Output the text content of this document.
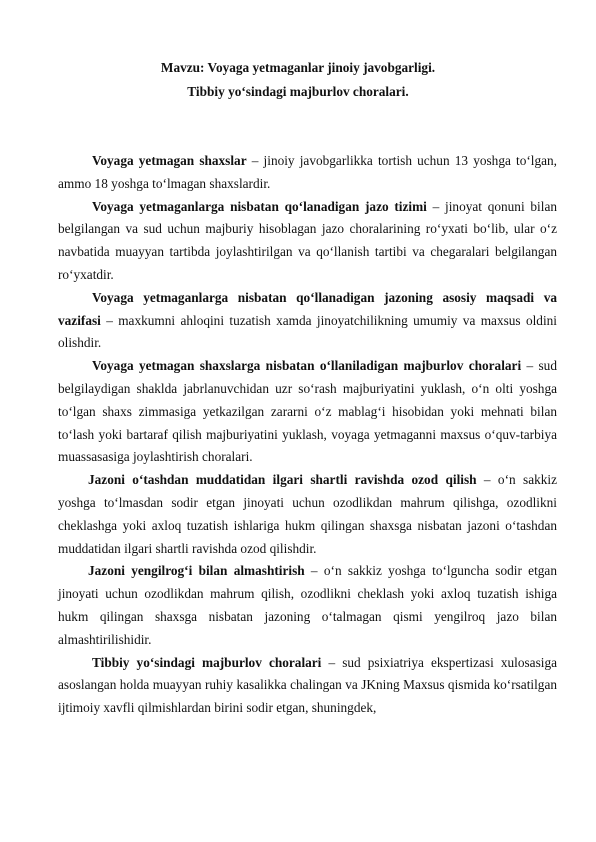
Mavzu: Voyaga yetmaganlar jinoiy javobgarligi.
Tibbiy yo‘sindagi majburlov choralari.

Voyaga yetmagan shaxslar – jinoiy javobgarlikka tortish uchun 13 yoshga to‘lgan, ammo 18 yoshga to‘lmagan shaxslardir.

Voyaga yetmaganlarga nisbatan qo‘lanadigan jazo tizimi – jinoyat qonuni bilan belgilangan va sud uchun majburiy hisoblagan jazo choralarining ro‘yxati bo‘lib, ular o‘z navbatida muayyan tartibda joylashtirilgan va qo‘llanish tartibi va chegaralari belgilangan ro‘yxatdir.

Voyaga yetmaganlarga nisbatan qo‘llanadigan jazoning asosiy maqsadi va vazifasi – maxkumni ahloqini tuzatish xamda jinoyatchilikning umumiy va maxsus oldini olishdir.

Voyaga yetmagan shaxslarga nisbatan o‘llaniladigan majburlov choralari – sud belgilaydigan shaklda jabrlanuvchidan uzr so‘rash majburiyatini yuklash, o‘n olti yoshga to‘lgan shaxs zimmasiga yetkazilgan zararni o‘z mablag‘i hisobidan yoki mehnati bilan to‘lash yoki bartaraf qilish majburiyatini yuklash, voyaga yetmaganni maxsus o‘quv-tarbiya muassasasiga joylashtirish choralari.

Jazoni o‘tashdan muddatidan ilgari shartli ravishda ozod qilish – o‘n sakkiz yoshga to‘lmasdan sodir etgan jinoyati uchun ozodlikdan mahrum qilishga, ozodlikni cheklashga yoki axloq tuzatish ishlariga hukm qilingan shaxsga nisbatan jazoni o‘tashdan muddatidan ilgari shartli ravishda ozod qilishdir.

Jazoni yengilrog‘i bilan almashtirish – o‘n sakkiz yoshga to‘lguncha sodir etgan jinoyati uchun ozodlikdan mahrum qilish, ozodlikni cheklash yoki axloq tuzatish ishiga hukm qilingan shaxsga nisbatan jazoning o‘talmagan qismi yengilroq jazo bilan almashtirilishidir.

Tibbiy yo‘sindagi majburlov choralari – sud psixiatriya ekspertizasi xulosasiga asoslangan holda muayyan ruhiy kasalikka chalingan va JKning Maxsus qismida ko‘rsatilgan ijtimoiy xavfli qilmishlardan birini sodir etgan, shuningdek,
